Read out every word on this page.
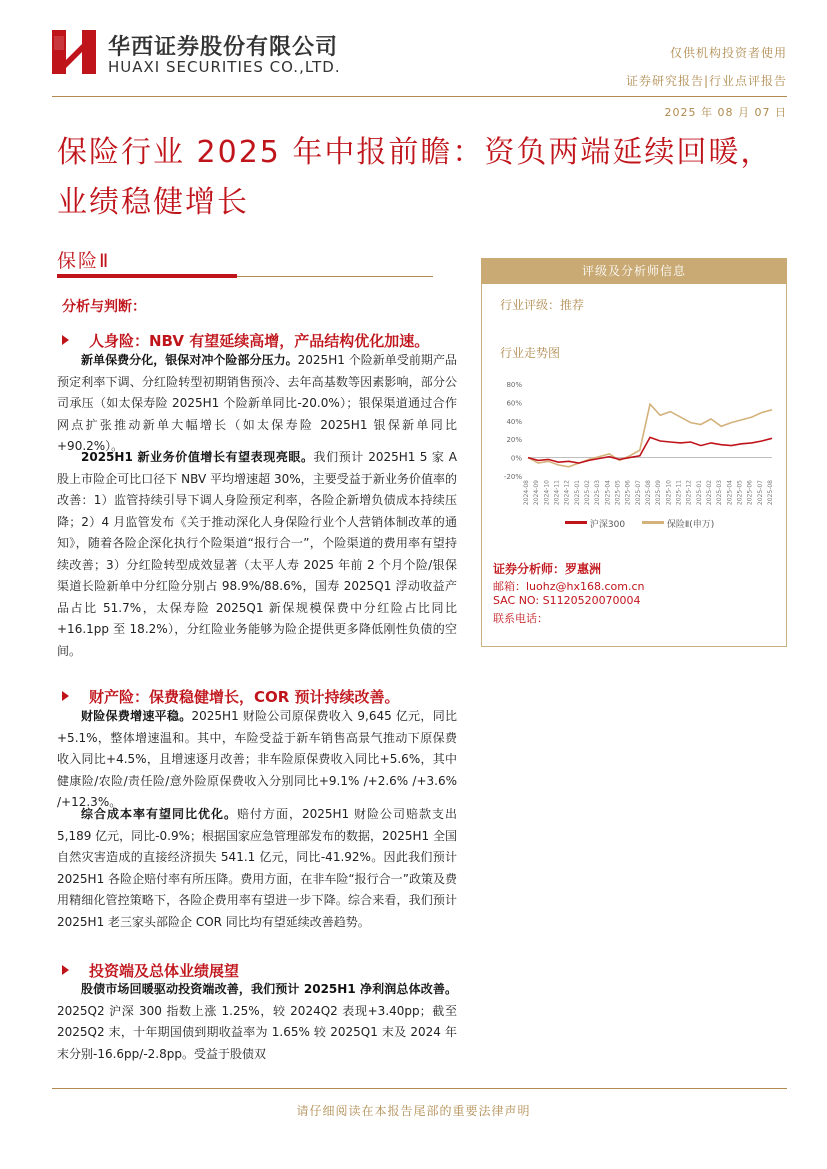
华西证券股份有限公司
HUAXI SECURITIES CO.,LTD.
仅供机构投资者使用
证券研究报告|行业点评报告
2025 年 08 月 07 日
保险行业 2025 年中报前瞻：资负两端延续回暖，业绩稳健增长
保险Ⅱ
分析与判断：
人身险：NBV 有望延续高增，产品结构优化加速。

新单保费分化，银保对冲个险部分压力。2025H1 个险新单受前期产品预定利率下调、分红险转型初期销售预冷、去年高基数等因素影响，部分公司承压（如太保寿险 2025H1 个险新单同比-20.0%）；银保渠道通过合作网点扩张推动新单大幅增长（如太保寿险 2025H1 银保新单同比+90.2%）。

2025H1 新业务价值增长有望表现亮眼。我们预计 2025H1 5 家 A 股上市险企可比口径下 NBV 平均增速超 30%，主要受益于新业务价值率的改善：1）监管持续引导下调人身险预定利率，各险企新增负债成本持续压降；2）4 月监管发布《关于推动深化人身保险行业个人营销体制改革的通知》，随着各险企深化执行个险渠道“报行合一”，个险渠道的费用率有望持续改善；3）分红险转型成效显著（太平人寿 2025 年前 2 个月个险/银保渠道长险新单中分红险分别占 98.9%/88.6%，国寿 2025Q1 浮动收益产品占比 51.7%，太保寿险 2025Q1 新保规模保费中分红险占比同比+16.1pp 至 18.2%），分红险业务能够为险企提供更多降低刚性负债的空间。

财产险：保费稳健增长，COR 预计持续改善。

财险保费增速平稳。2025H1 财险公司原保费收入 9,645 亿元，同比+5.1%，整体增速温和。其中，车险受益于新车销售高景气推动下原保费收入同比+4.5%，且增速逐月改善；非车险原保费收入同比+5.6%，其中健康险/农险/责任险/意外险原保费收入分别同比+9.1% /+2.6% /+3.6% /+12.3%。

综合成本率有望同比优化。赔付方面，2025H1 财险公司赔款支出 5,189 亿元，同比-0.9%；根据国家应急管理部发布的数据，2025H1 全国自然灾害造成的直接经济损失 541.1 亿元，同比-41.92%。因此我们预计 2025H1 各险企赔付率有所压降。费用方面，在非车险“报行合一”政策及费用精细化管控策略下，各险企费用率有望进一步下降。综合来看，我们预计 2025H1 老三家头部险企 COR 同比均有望延续改善趋势。

投资端及总体业绩展望

股债市场回暖驱动投资端改善，我们预计 2025H1 净利润总体改善。2025Q2 沪深 300 指数上涨 1.25%，较 2024Q2 表现+3.40pp；截至 2025Q2 末，十年期国债到期收益率为 1.65% 较 2025Q1 末及 2024 年末分别-16.6pp/-2.8pp。受益于股债双

评级及分析师信息
行业评级：推荐
行业走势图
80%
60%
40%
20%
0%
-20%
2024-08 2024-09 2024-10 2024-11 2024-12 2025-01 2025-02 2025-03 2025-04 2025-05 2025-06 2025-07 2025-08 2025-09 2025-10 2025-11 2025-12 2025-01 2025-02 2025-03 2025-04 2025-05 2025-06 2025-07 2025-08
沪深300	保险Ⅱ(申万)
证券分析师：罗惠洲
邮箱：luohz@hx168.com.cn
SAC NO: S1120520070004
联系电话：
请仔细阅读在本报告尾部的重要法律声明
